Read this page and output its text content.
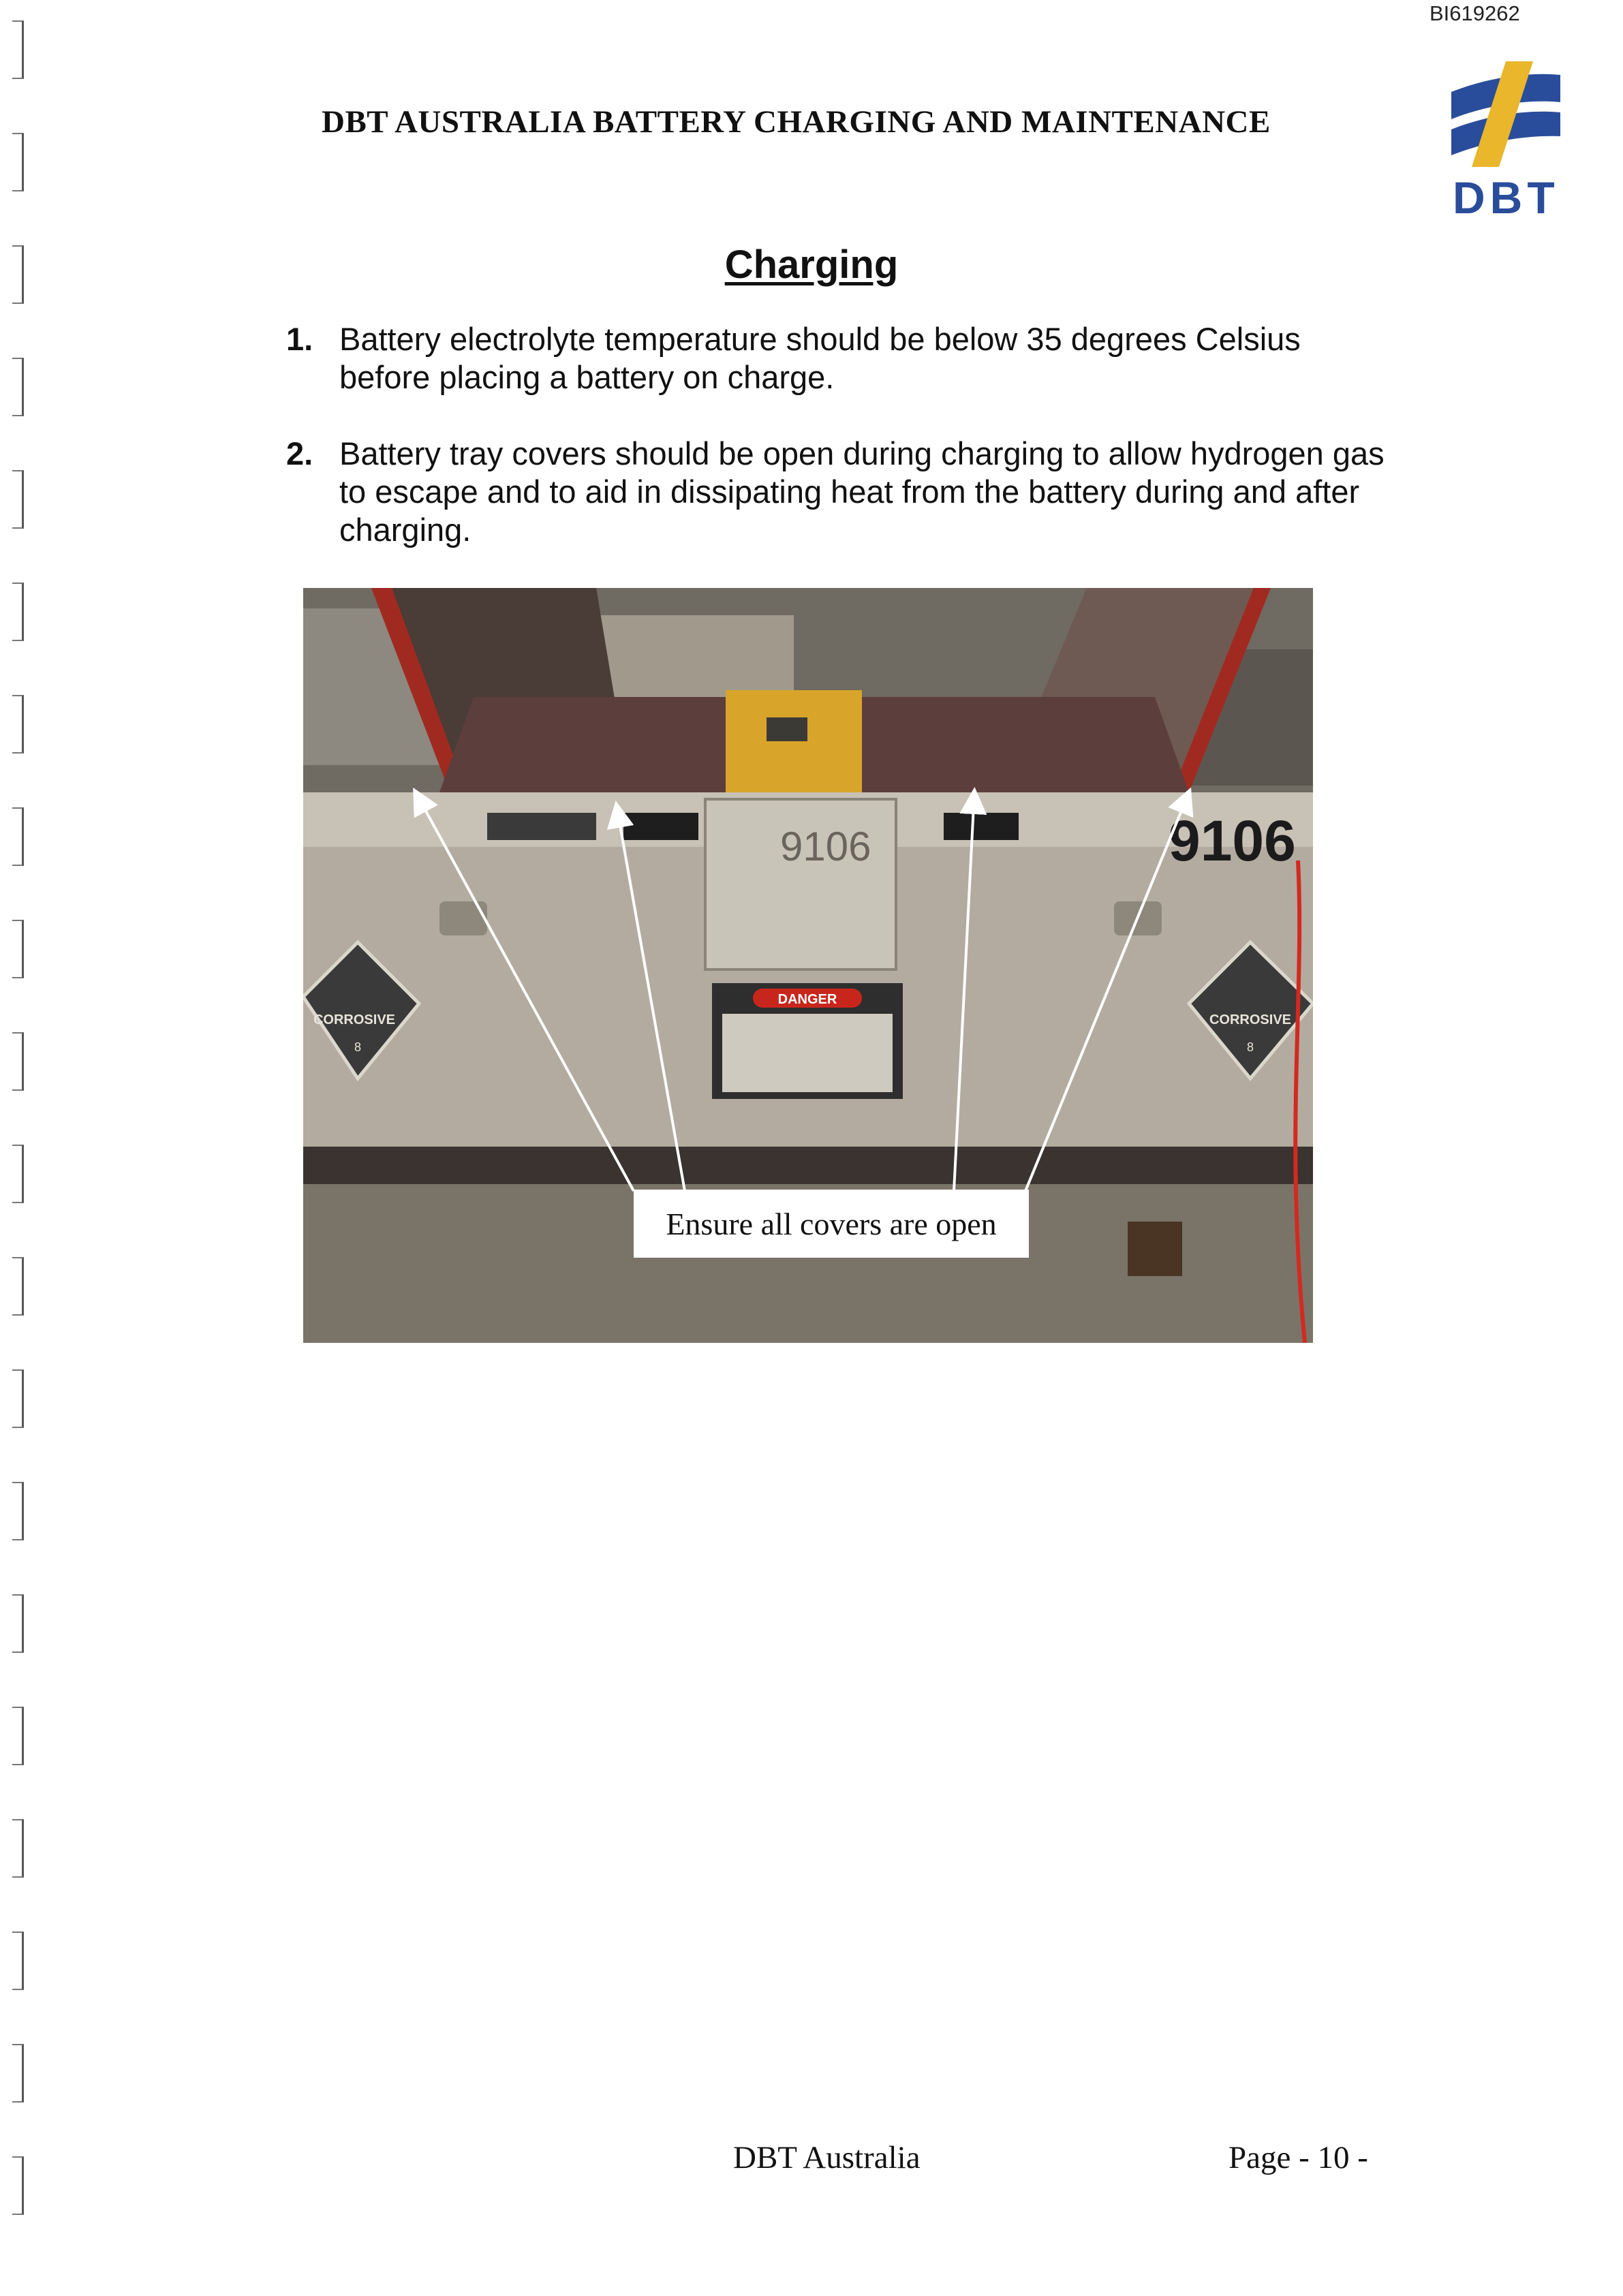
BI619262
DBT AUSTRALIA BATTERY CHARGING AND MAINTENANCE
DBT
Charging
1. Battery electrolyte temperature should be below 35 degrees Celsius before placing a battery on charge.
2. Battery tray covers should be open during charging to allow hydrogen gas to escape and to aid in dissipating heat from the battery during and after charging.
9106
DANGER
9106
CORROSIVE
8
CORROSIVE
8
Ensure all covers are open
DBT Australia	Page - 10 -
